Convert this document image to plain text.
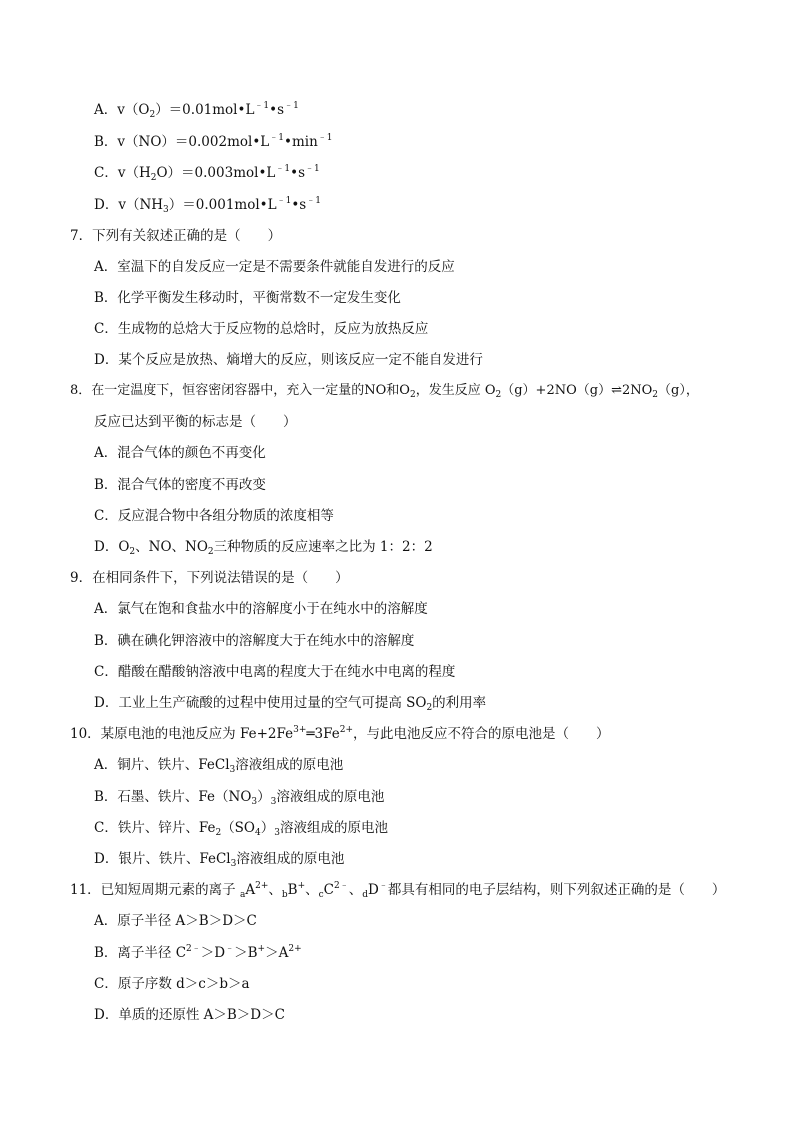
A．$v(O_2)=0.01mol•L^{﹣1}•s^{﹣1}$
B．$v(NO)=0.002mol•L^{﹣1}•\min^{﹣1}$
C．$v(H_2O)=0.003mol•L^{﹣1}•s^{﹣1}$
D．$v(NH_3)=0.001mol•L^{﹣1}•s^{﹣1}$
7．下列有关叙述正确的是（　　）
A．室温下的自发反应一定是不需要条件就能自发进行的反应
B．化学平衡发生移动时，平衡常数不一定发生变化
C．生成物的总焓大于反应物的总焓时，反应为放热反应
D．某个反应是放热、熵增大的反应，则该反应一定不能自发进行
8．在一定温度下，恒容密闭容器中，充入一定量的NO和$O_2$，发生反应 $O_2(g)+2NO(g)\rightleftharpoons 2NO_2(g)$，
反应已达到平衡的标志是（　　）
A．混合气体的颜色不再变化
B．混合气体的密度不再改变
C．反应混合物中各组分物质的浓度相等
D．$O_2$、NO、$NO_2$三种物质的反应速率之比为 1：2：2
9．在相同条件下，下列说法错误的是（　　）
A．氯气在饱和食盐水中的溶解度小于在纯水中的溶解度
B．碘在碘化钾溶液中的溶解度大于在纯水中的溶解度
C．醋酸在醋酸钠溶液中电离的程度大于在纯水中电离的程度
D．工业上生产硫酸的过程中使用过量的空气可提高 $SO_2$的利用率
10．某原电池的电池反应为 $Fe+2Fe^{3+}═3Fe^{2+}$，与此电池反应不符合的原电池是（　　）
A．铜片、铁片、FeCl$_3$溶液组成的原电池
B．石墨、铁片、$Fe(NO_3)_3$溶液组成的原电池
C．铁片、锌片、$Fe_2(SO_4)_3$溶液组成的原电池
D．银片、铁片、FeCl$_3$溶液组成的原电池
11．已知短周期元素的离子 $_aA^{2+}$、$_b$B+、$_cC^{2﹣}$、$_d$D﹣都具有相同的电子层结构，则下列叙述正确的是（　　）
A．原子半径 A＞B＞D＞C
B．离子半径 $C^{2﹣}>D^﹣>B^+>A^{2+}$
C．原子序数 d＞c＞b＞a
D．单质的还原性 A＞B＞D＞C
